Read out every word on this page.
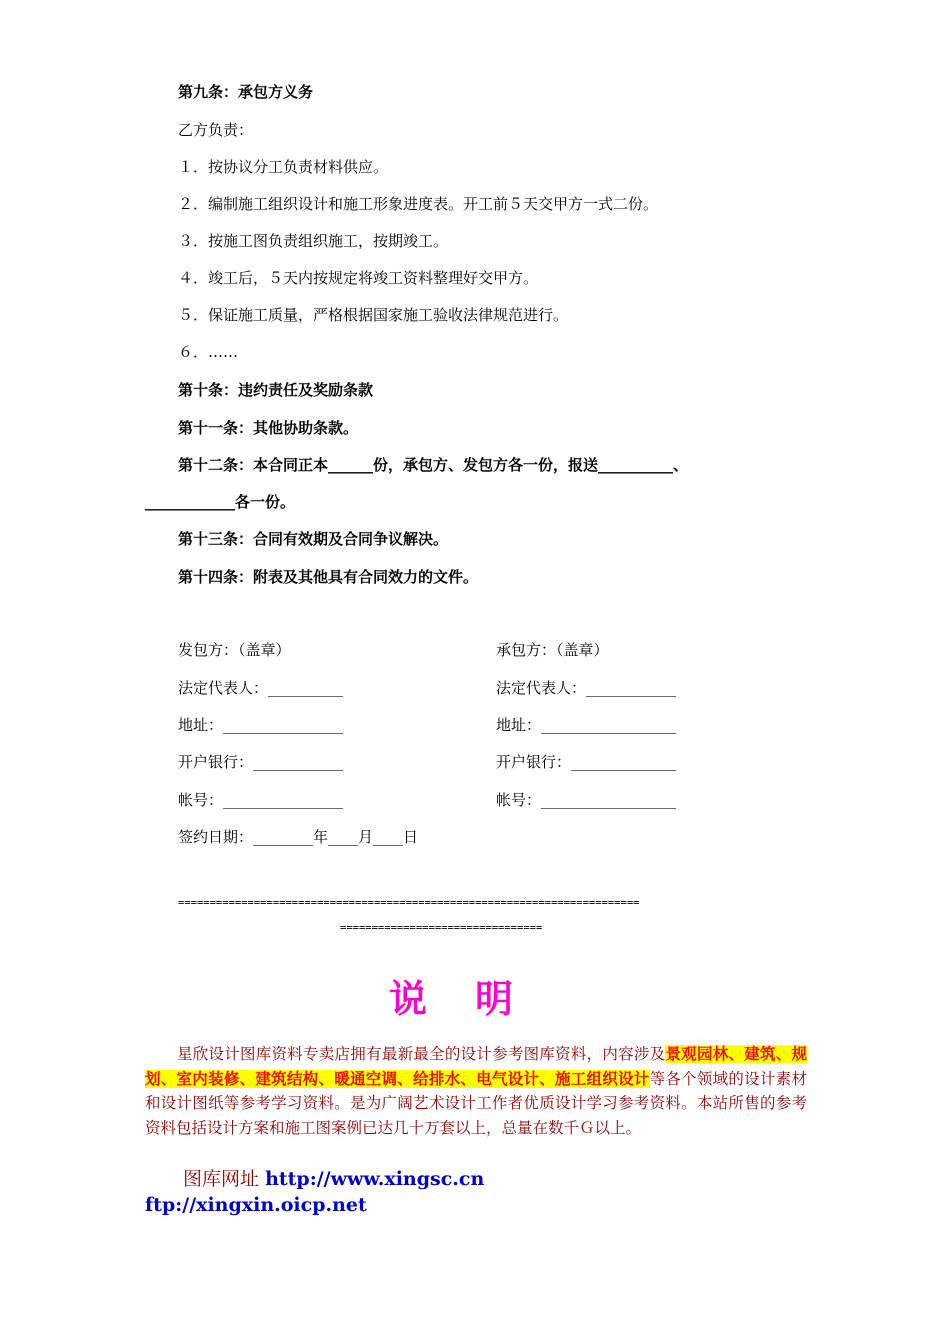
第九条：承包方义务
乙方负责：
１．按协议分工负责材料供应。
２．编制施工组织设计和施工形象进度表。开工前５天交甲方一式二份。
３．按施工图负责组织施工，按期竣工。
４．竣工后，５天内按规定将竣工资料整理好交甲方。
５．保证施工质量，严格根据国家施工验收法律规范进行。
６．……
第十条：违约责任及奖励条款
第十一条：其他协助条款。
第十二条：本合同正本______份，承包方、发包方各一份，报送__________、
____________各一份。
第十三条：合同有效期及合同争议解决。
第十四条：附表及其他具有合同效力的文件。
发包方：（盖章）
法定代表人：__________
地址：________________
开户银行：____________
帐号：________________
签约日期：________年____月____日
承包方：（盖章）
法定代表人：____________
地址：__________________
开户银行：______________
帐号：__________________
=========================================================================
================================
说明
星欣设计图库资料专卖店拥有最新最全的设计参考图库资料，内容涉及景观园林、建筑、规划、室内装修、建筑结构、暖通空调、给排水、电气设计、施工组织设计等各个领域的设计素材和设计图纸等参考学习资料。是为广阔艺术设计工作者优质设计学习参考资料。本站所售的参考资料包括设计方案和施工图案例已达几十万套以上，总量在数千Ｇ以上。
图库网址 http://www.xingsc.cn
ftp://xingxin.oicp.net
